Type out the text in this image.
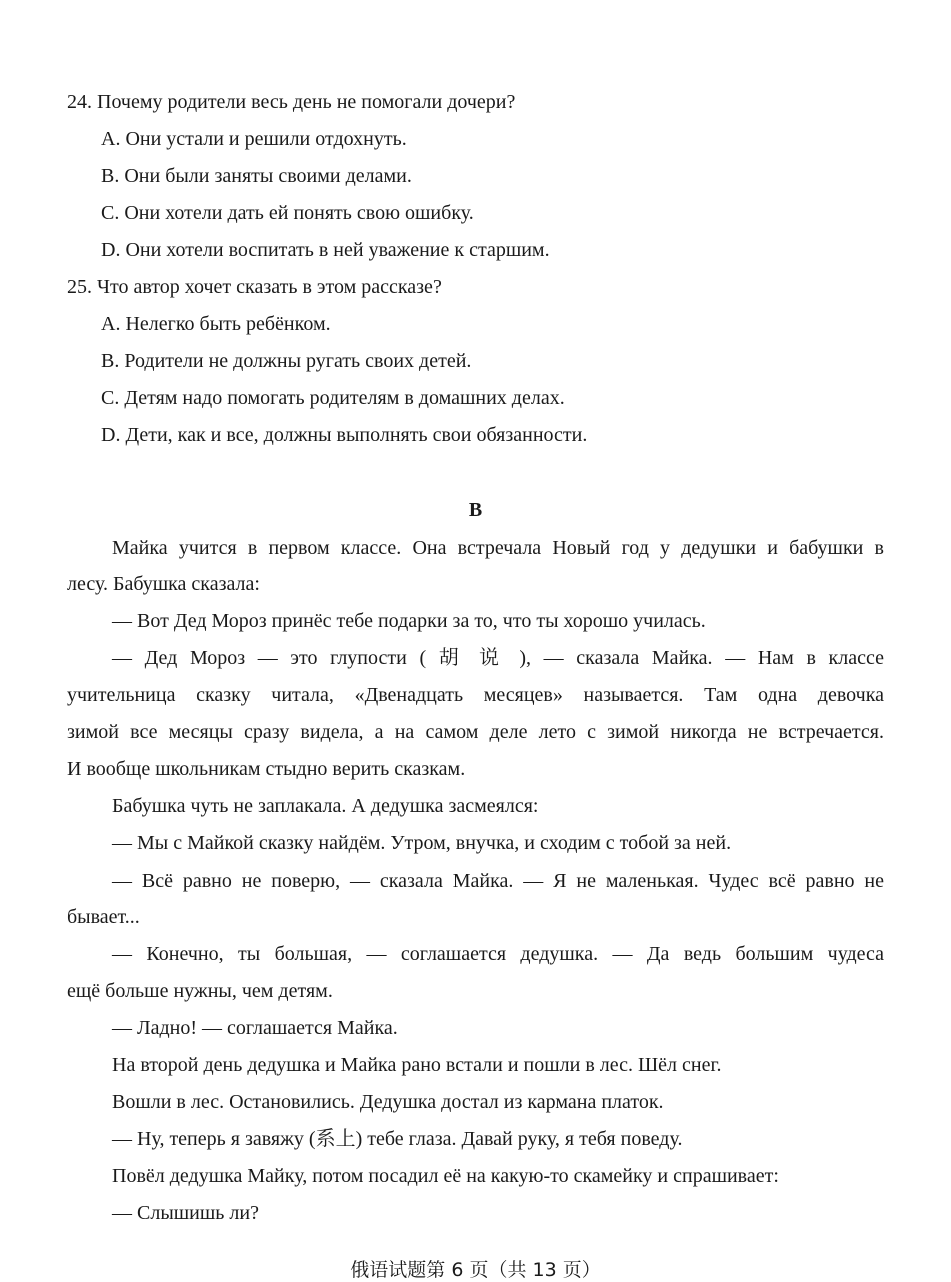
24. Почему родители весь день не помогали дочери?
A. Они устали и решили отдохнуть.
B. Они были заняты своими делами.
C. Они хотели дать ей понять свою ошибку.
D. Они хотели воспитать в ней уважение к старшим.
25. Что автор хочет сказать в этом рассказе?
A. Нелегко быть ребёнком.
B. Родители не должны ругать своих детей.
C. Детям надо помогать родителям в домашних делах.
D. Дети, как и все, должны выполнять свои обязанности.
B
Майка учится в первом классе. Она встречала Новый год у дедушки и бабушки в
лесу. Бабушка сказала:
— Вот Дед Мороз принёс тебе подарки за то, что ты хорошо училась.
— Дед Мороз — это глупости ( 胡 说 ), — сказала Майка. — Нам в классе
учительница сказку читала, «Двенадцать месяцев» называется. Там одна девочка
зимой все месяцы сразу видела, а на самом деле лето с зимой никогда не встречается.
И вообще школьникам стыдно верить сказкам.
Бабушка чуть не заплакала. А дедушка засмеялся:
— Мы с Майкой сказку найдём. Утром, внучка, и сходим с тобой за ней.
— Всё равно не поверю, — сказала Майка. — Я не маленькая. Чудес всё равно не
бывает...
— Конечно, ты большая, — соглашается дедушка. — Да ведь большим чудеса
ещё больше нужны, чем детям.
— Ладно! — соглашается Майка.
На второй день дедушка и Майка рано встали и пошли в лес. Шёл снег.
Вошли в лес. Остановились. Дедушка достал из кармана платок.
— Ну, теперь я завяжу (系上) тебе глаза. Давай руку, я тебя поведу.
Повёл дедушка Майку, потом посадил её на какую-то скамейку и спрашивает:
— Слышишь ли?
俄语试题第 6 页（共 13 页）
